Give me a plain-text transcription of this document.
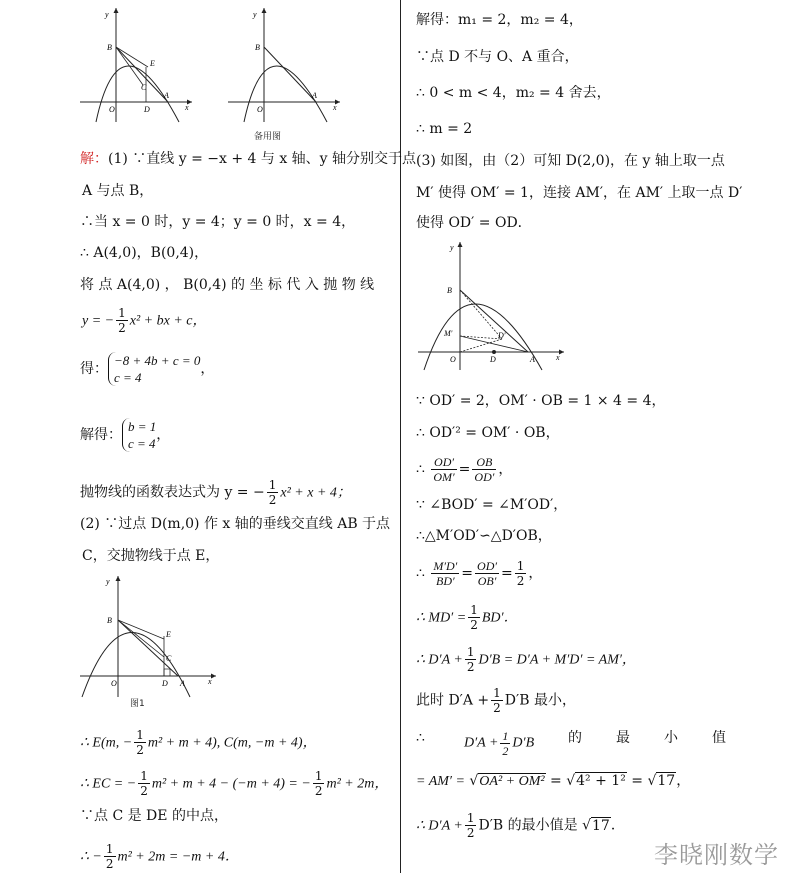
y
B
E
C
O	D
A
x
y
B
O
A
x
备用图
解：(1) ∵直线 y = −x + 4 与 x 轴、y 轴分别交于点
A 与点 B，
∴当 x = 0 时，y = 4；y = 0 时，x = 4，
∴ A(4,0)，B(0,4)，
将 点 A(4,0) ， B(0,4) 的 坐 标 代 入 抛 物 线
y = − $\frac{1}{2} x^2$ + bx + c，
得：
−8 + 4b + c = 0
c = 4
，
解得：
b = 1
c = 4
，
抛物线的函数表达式为 y = − $\frac{1}{2} x^2 + x + 4$；
(2) ∵过点 D(m,0) 作 x 轴的垂线交直线 AB 于点
C，交抛物线于点 E，
y
B
E
C
O	D A	x
图1
∴ E(m, − $\frac{1}{2} m^2 + m + 4$), C(m, −m + 4)，
∴ EC = − $\frac{1}{2} m^2 + m + 4 - (-m + 4)$ = − $\frac{1}{2} m^2 + 2m$，
∵点 C 是 DE 的中点，
∴ − $\frac{1}{2} m^2 + 2m = -m + 4$．
解得：m₁ = 2，m₂ = 4，
∵点 D 不与 O、A 重合，
∴ 0 < m < 4，m₂ = 4 舍去，
∴ m = 2
(3) 如图，由（2）可知 D(2,0)，在 y 轴上取一点
M′ 使得 OM′ = 1，连接 AM′，在 AM′ 上取一点 D′
使得 OD′ = OD．
y
B
M'	D'
O	D	A	x
∵ OD′ = 2，OM′ · OB = 1 × 4 = 4，
∴ OD′² = OM′ · OB，
∴ $\frac{OD'}{OM'} = \frac{OB}{OD'}$ ，
∵ ∠BOD′ = ∠M′OD′，
∴△M′OD′∽△D′OB，
∴ $\frac{M'D'}{BD'} = \frac{OD'}{OB'} = \frac{1}{2}$ ，
∴ $MD' = \frac{1}{2} BD'$．
∴ $D'A + \frac{1}{2} D'B = D'A + M'D' = AM'$，
此时 $D'A + \frac{1}{2} D'B$ 最小，
∴	$D'A + \frac{1}{2} D'B$ 的 最 小 值
= AM′ = √OA² + OM² = √4² + 1² = √17，
∴ $D'A + \frac{1}{2} D'B$ 的最小值是 √17．
李晓刚数学
